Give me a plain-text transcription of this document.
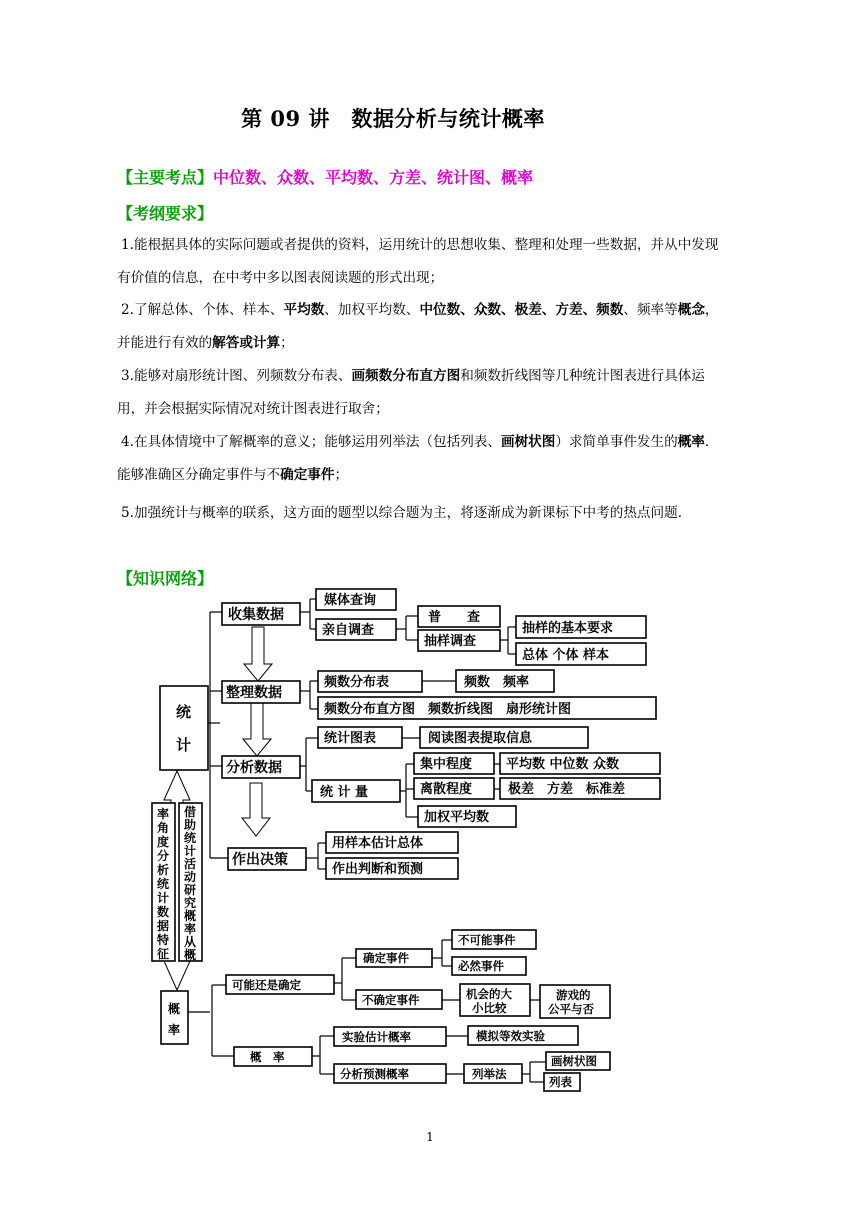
第 09 讲　数据分析与统计概率
【主要考点】中位数、众数、平均数、方差、统计图、概率
【考纲要求】
1.能根据具体的实际问题或者提供的资料，运用统计的思想收集、整理和处理一些数据，并从中发现有价值的信息，在中考中多以图表阅读题的形式出现；
2.了解总体、个体、样本、平均数、加权平均数、中位数、众数、极差、方差、频数、频率等概念，　并能进行有效的解答或计算；
3.能够对扇形统计图、列频数分布表、画频数分布直方图和频数折线图等几种统计图表进行具体运用，并会根据实际情况对统计图表进行取舍；
4.在具体情境中了解概率的意义；能够运用列举法（包括列表、画树状图）求简单事件发生的概率．能够准确区分确定事件与不确定事件；
5.加强统计与概率的联系，这方面的题型以综合题为主，将逐渐成为新课标下中考的热点问题．
【知识网络】
统
计
概
率
率
角
度
分
析
统
计
数
据
特
征
借
助
统
计
活
动
研
究
概
率
从
概
收集数据
媒体查询
亲自调查
普　　查
抽样调查
抽样的基本要求
总体 个体 样本
整理数据
频数分布表	频数　频率
频数分布直方图　频数折线图　扇形统计图
分析数据
统计图表	阅读图表提取信息
统 计 量
集中程度	平均数 中位数 众数
离散程度	极差　方差　标准差
加权平均数
作出决策
用样本估计总体
作出判断和预测
可能还是确定
确定事件
不可能事件
必然事件
不确定事件	机会的大
小比较
游戏的
公平与否
概　率
实验估计概率	模拟等效实验
分析预测概率	列举法
画树状图
列表
1
